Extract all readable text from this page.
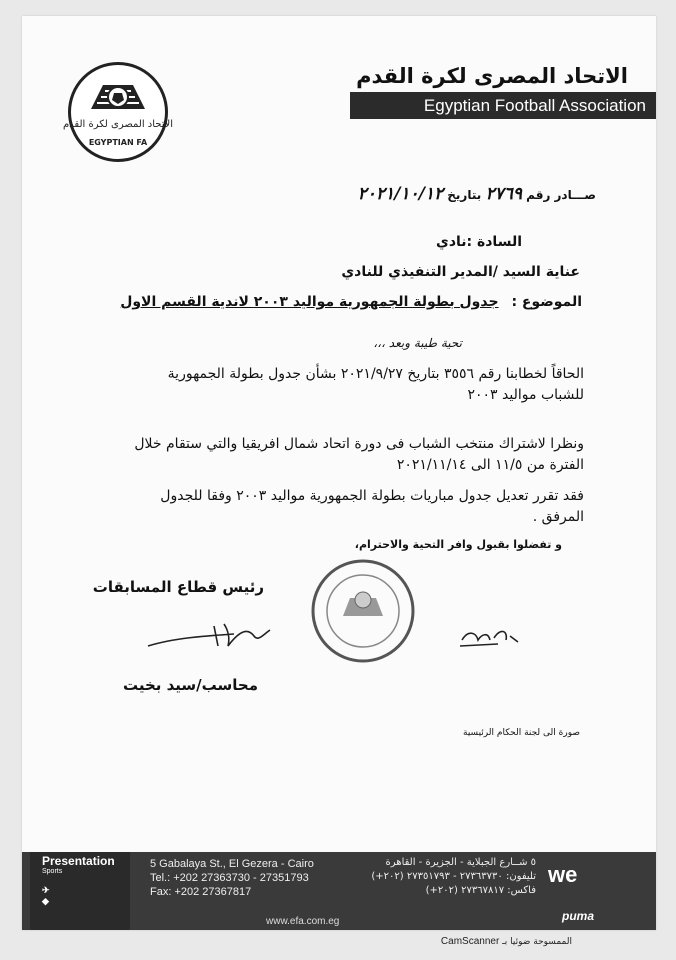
الاتحاد المصرى لكرة القدم
EGYPTIAN FA
الاتحاد المصرى لكرة القدم
Egyptian Football Association
صـــادر رقم ٢٧٦٩ بتاريخ ٢٠٢١/١٠/١٢
السادة :نادي
عناية السيد /المدير التنفيذي للنادي
الموضوع : جدول بطولة الجمهورية مواليد ٢٠٠٣ لاندية القسم الاول
تحية طيبة وبعد ،،،
الحاقاً لخطابنا رقم ٣٥٥٦ بتاريخ ٢٠٢١/٩/٢٧ بشأن جدول بطولة الجمهورية للشباب مواليد ٢٠٠٣
ونظرا لاشتراك منتخب الشباب فى دورة اتحاد شمال افريقيا والتي ستقام خلال الفترة من ١١/٥ الى ٢٠٢١/١١/١٤
فقد تقرر تعديل جدول مباريات بطولة الجمهورية مواليد ٢٠٠٣ وفقا للجدول المرفق .
و تفضلوا بقبول وافر التحية والاحترام،
رئيس قطاع المسابقات
محاسب/سيد بخيت
صورة الى لجنة الحكام الرئيسية
Presentation
Sports
✈
◆
5 Gabalaya St., El Gezera - Cairo
Tel.: +202 27363730 - 27351793
Fax: +202 27367817
٥ شــارع الجبلاية - الجزيرة - القاهرة
تليفون: ٢٧٣٦٣٧٣٠ - ٢٧٣٥١٧٩٣ (٢٠٢+)
فاكس: ٢٧٣٦٧٨١٧ (٢٠٢+)
www.efa.com.eg
we
puma
الممسوحة ضوئيا بـ CamScanner
